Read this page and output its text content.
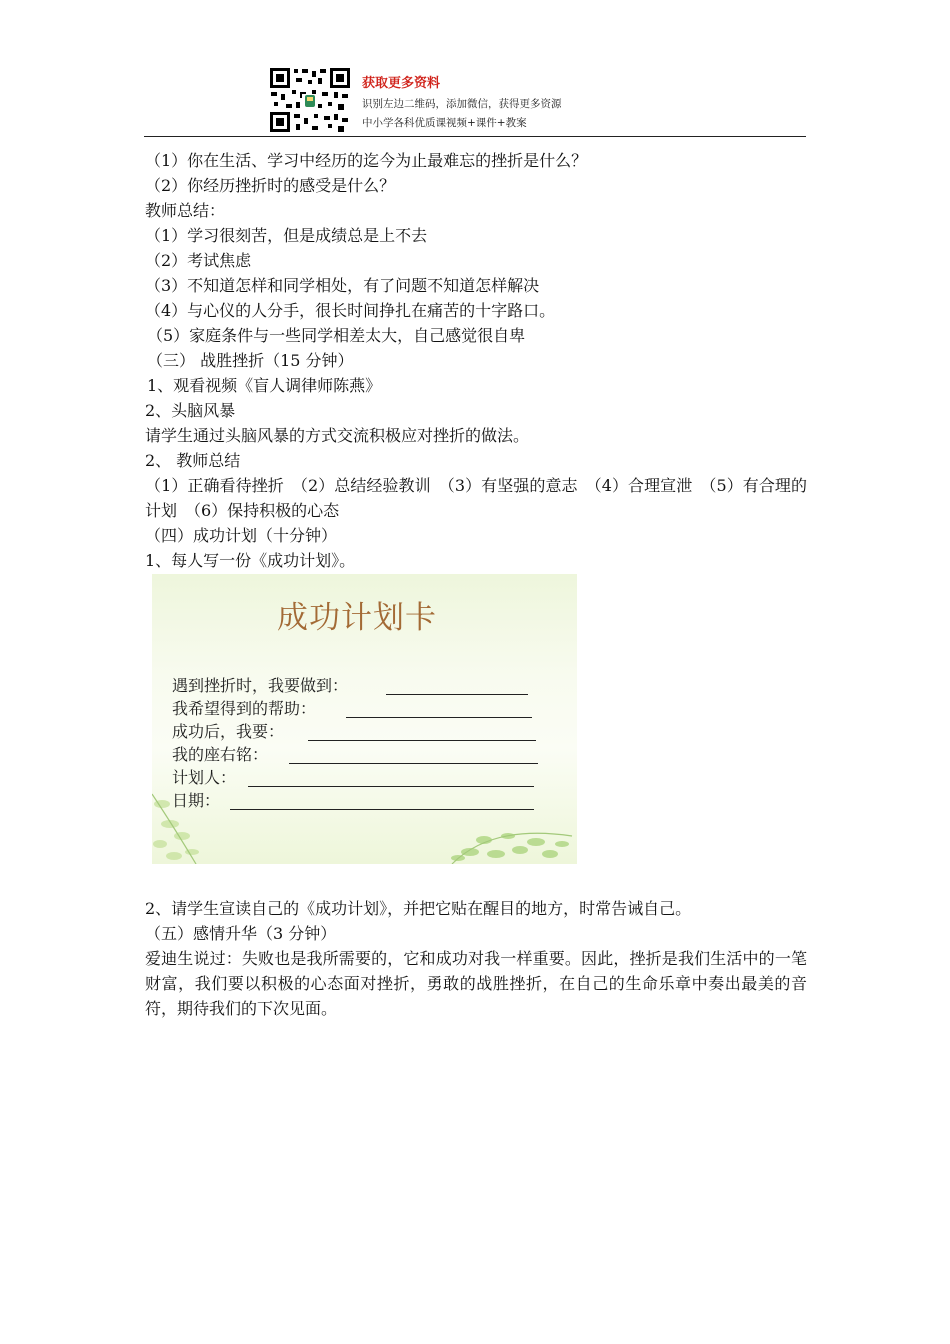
获取更多资料
识别左边二维码，添加微信，获得更多资源
中小学各科优质课视频+课件+教案
（1）你在生活、学习中经历的迄今为止最难忘的挫折是什么？
（2）你经历挫折时的感受是什么？
教师总结：
（1）学习很刻苦，但是成绩总是上不去
（2）考试焦虑
（3）不知道怎样和同学相处，有了问题不知道怎样解决
（4）与心仪的人分手，很长时间挣扎在痛苦的十字路口。
（5）家庭条件与一些同学相差太大，自己感觉很自卑
（三） 战胜挫折（15 分钟）
1、观看视频《盲人调律师陈燕》
2、头脑风暴
请学生通过头脑风暴的方式交流积极应对挫折的做法。
2、 教师总结
（1）正确看待挫折　（2）总结经验教训　（3）有坚强的意志　（4）合理宣泄　（5）有合理的计划　（6）保持积极的心态
（四）成功计划（十分钟）
1、每人写一份《成功计划》。
成功计划卡
遇到挫折时，我要做到：
我希望得到的帮助：
成功后，我要：
我的座右铭：
计划人：
日期：
2、请学生宣读自己的《成功计划》，并把它贴在醒目的地方，时常告诫自己。
（五）感情升华（3 分钟）
爱迪生说过：失败也是我所需要的，它和成功对我一样重要。因此，挫折是我们生活中的一笔财富，我们要以积极的心态面对挫折，勇敢的战胜挫折，在自己的生命乐章中奏出最美的音符，期待我们的下次见面。
